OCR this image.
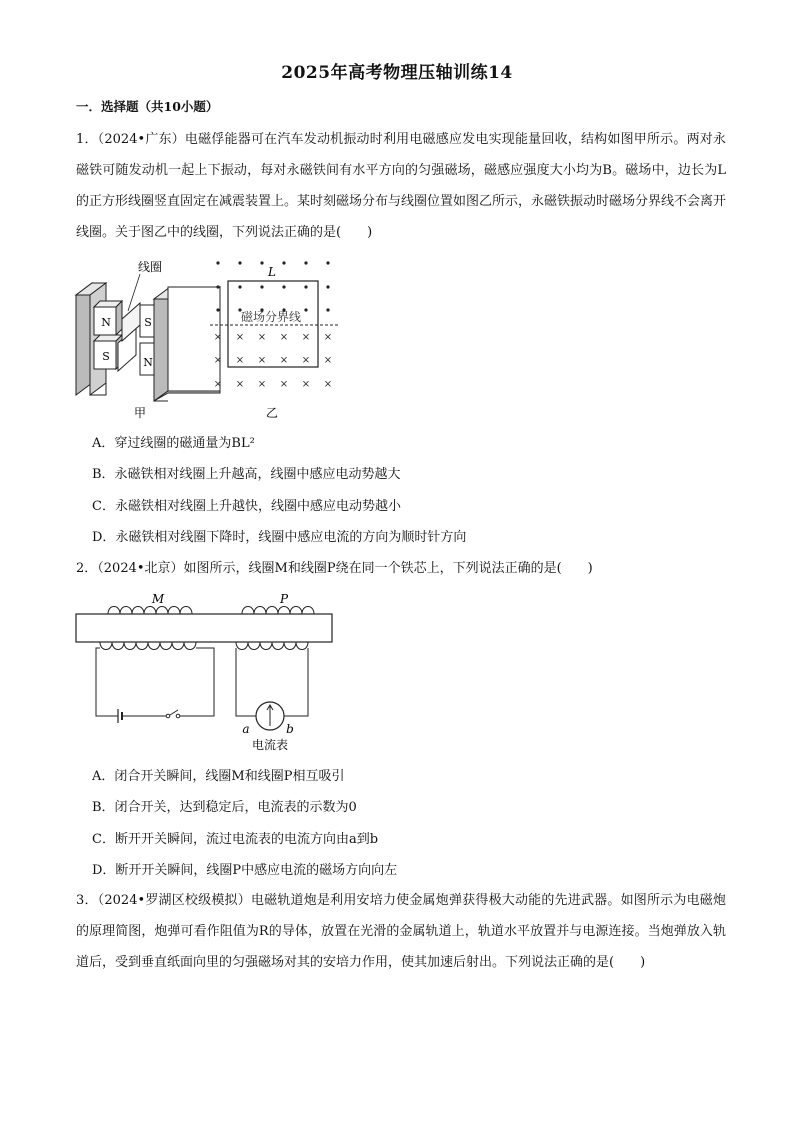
2025年高考物理压轴训练14
一．选择题（共10小题）
1．（2024•广东）电磁俘能器可在汽车发动机振动时利用电磁感应发电实现能量回收，结构如图甲所示。两对永磁铁可随发动机一起上下振动，每对永磁铁间有水平方向的匀强磁场，磁感应强度大小均为B。磁场中，边长为L的正方形线圈竖直固定在减震装置上。某时刻磁场分布与线圈位置如图乙所示，永磁铁振动时磁场分界线不会离开线圈。关于图乙中的线圈，下列说法正确的是(　　)
N	S
S	N
线圈
甲
× × × × × ×
× × × × × ×
× × × × × ×
L
磁场分界线
乙
A．穿过线圈的磁通量为BL²
B．永磁铁相对线圈上升越高，线圈中感应电动势越大
C．永磁铁相对线圈上升越快，线圈中感应电动势越小
D．永磁铁相对线圈下降时，线圈中感应电流的方向为顺时针方向
2．（2024•北京）如图所示，线圈M和线圈P绕在同一个铁芯上，下列说法正确的是(　　)
M	P
a	b
电流表
A．闭合开关瞬间，线圈M和线圈P相互吸引
B．闭合开关，达到稳定后，电流表的示数为0
C．断开开关瞬间，流过电流表的电流方向由a到b
D．断开开关瞬间，线圈P中感应电流的磁场方向向左
3．（2024•罗湖区校级模拟）电磁轨道炮是利用安培力使金属炮弹获得极大动能的先进武器。如图所示为电磁炮的原理简图，炮弹可看作阻值为R的导体，放置在光滑的金属轨道上，轨道水平放置并与电源连接。当炮弹放入轨道后，受到垂直纸面向里的匀强磁场对其的安培力作用，使其加速后射出。下列说法正确的是(　　)
